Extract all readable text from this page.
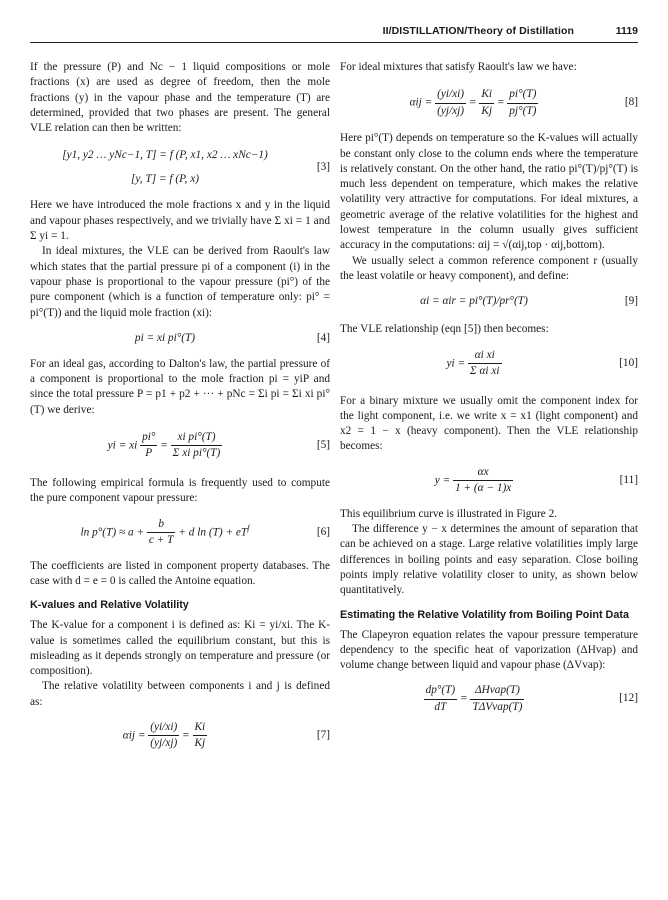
II/DISTILLATION/Theory of Distillation	1119

If the pressure (P) and Nc − 1 liquid compositions or mole fractions (x) are used as degree of freedom, then the mole fractions (y) in the vapour phase and the temperature (T) are determined, provided that two phases are present. The general VLE relation can then be written:

[y1, y2 … yNc−1, T] = f (P, x1, x2 … xNc−1)
[y, T] = f (P, x)
[3]

Here we have introduced the mole fractions x and y in the liquid and vapour phases respectively, and we trivially have Σ xi = 1 and Σ yi = 1.

In ideal mixtures, the VLE can be derived from Raoult's law which states that the partial pressure pi of a component (i) in the vapour phase is proportional to the vapour pressure (pi°) of the pure component (which is a function of temperature only: pi° = pi°(T)) and the liquid mole fraction (xi):

pi = xi pi°(T)	[4]

For an ideal gas, according to Dalton's law, the partial pressure of a component is proportional to the mole fraction pi = yiP and since the total pressure P = p1 + p2 + ··· + pNc = Σi pi = Σi xi pi°(T) we derive:

yi = xi $\frac{pi^\circ}{P} = \frac{\text{xi pi°(T)}}{\text{Σ xi pi°(T)}}$	[5]

The following empirical formula is frequently used to compute the pure component vapour pressure:

$\ln p^\circ(T) \approx a + \frac{b}{c + T} + d$ $\ln (T) + eT^f$	[6]

The coefficients are listed in component property databases. The case with d = e = 0 is called the Antoine equation.

K-values and Relative Volatility

The K-value for a component i is defined as: Ki = yi/xi. The K-value is sometimes called the equilibrium constant, but this is misleading as it depends strongly on temperature and pressure (or composition).

The relative volatility between components i and j is defined as:

$\alpha ij = \frac{(yi/xi)}{(yj/xj)} = \frac{Ki}{Kj}$	[7]

For ideal mixtures that satisfy Raoult's law we have:

$\alpha ij = \frac{(yi/xi)}{(yj/xj)} = \frac{Ki}{Kj} = \frac{pi^\circ(T)}{pj^\circ(T)}$	[8]

Here pi°(T) depends on temperature so the K-values will actually be constant only close to the column ends where the temperature is relatively constant. On the other hand, the ratio pi°(T)/pj°(T) is much less dependent on temperature, which makes the relative volatility very attractive for computations. For ideal mixtures, a geometric average of the relative volatilities for the highest and lowest temperature in the column usually gives sufficient accuracy in the computations: αij = √(αij,top · αij,bottom).

We usually select a common reference component r (usually the least volatile or heavy component), and define:

αi = αir = pi°(T)/pr°(T)	[9]

The VLE relationship (eqn [5]) then becomes:

yi = $\frac{\text{αi xi}}{\text{Σ αi xi}}$	[10]

For a binary mixture we usually omit the component index for the light component, i.e. we write x = x1 (light component) and x2 = 1 − x (heavy component). Then the VLE relationship becomes:

$y = \frac{\alpha x}{1 + (\alpha - 1)x}$	[11]

This equilibrium curve is illustrated in Figure 2.

The difference y − x determines the amount of separation that can be achieved on a stage. Large relative volatilities imply large differences in boiling points and easy separation. Close boiling points imply relative volatility closer to unity, as shown below quantitatively.

Estimating the Relative Volatility from Boiling Point Data

The Clapeyron equation relates the vapour pressure temperature dependency to the specific heat of vaporization (ΔHvap) and volume change between liquid and vapour phase (ΔVvap):

$\frac{dp^\circ(T)}{dT} = \frac{\text{ΔHvap(T)}}{\text{TΔVvap(T)}}$	[12]
